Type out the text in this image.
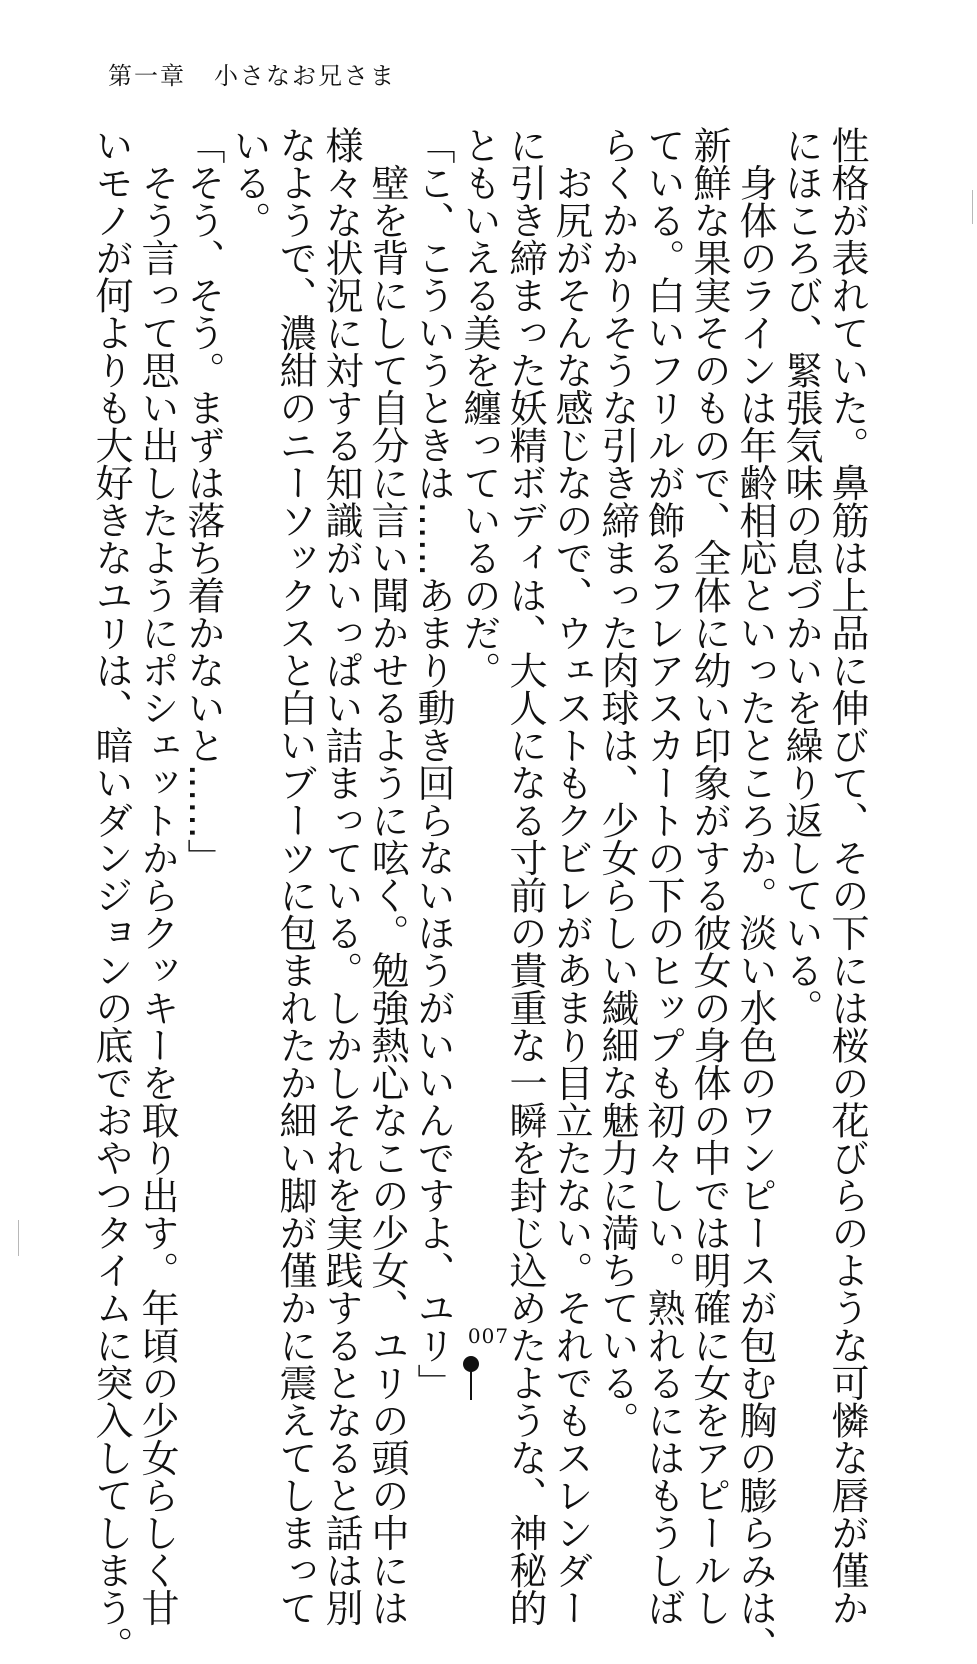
第一章 小さなお兄さま
性格が表れていた。鼻筋は上品に伸びて、その下には桜の花びらのような可憐な唇が僅か
にほころび、緊張気味の息づかいを繰り返している。
　身体のラインは年齢相応といったところか。淡い水色のワンピースが包む胸の膨らみは、
新鮮な果実そのもので、全体に幼い印象がする彼女の身体の中では明確に女をアピールし
ている。白いフリルが飾るフレアスカートの下のヒップも初々しい。熟れるにはもうしば
らくかかりそうな引き締まった肉球は、少女らしい繊細な魅力に満ちている。
　お尻がそんな感じなので、ウェストもクビレがあまり目立たない。それでもスレンダー
に引き締まった妖精ボディは、大人になる寸前の貴重な一瞬を封じ込めたような、神秘的
ともいえる美を纏っているのだ。
「こ、こういうときは……あまり動き回らないほうがいいんですよ、ユリ」
　壁を背にして自分に言い聞かせるように呟く。勉強熱心なこの少女、ユリの頭の中には
様々な状況に対する知識がいっぱい詰まっている。しかしそれを実践するとなると話は別
なようで、濃紺のニーソックスと白いブーツに包まれたか細い脚が僅かに震えてしまって
いる。
「そう、そう。まずは落ち着かないと……」
　そう言って思い出したようにポシェットからクッキーを取り出す。年頃の少女らしく甘
いモノが何よりも大好きなユリは、暗いダンジョンの底でおやつタイムに突入してしまう。	007
